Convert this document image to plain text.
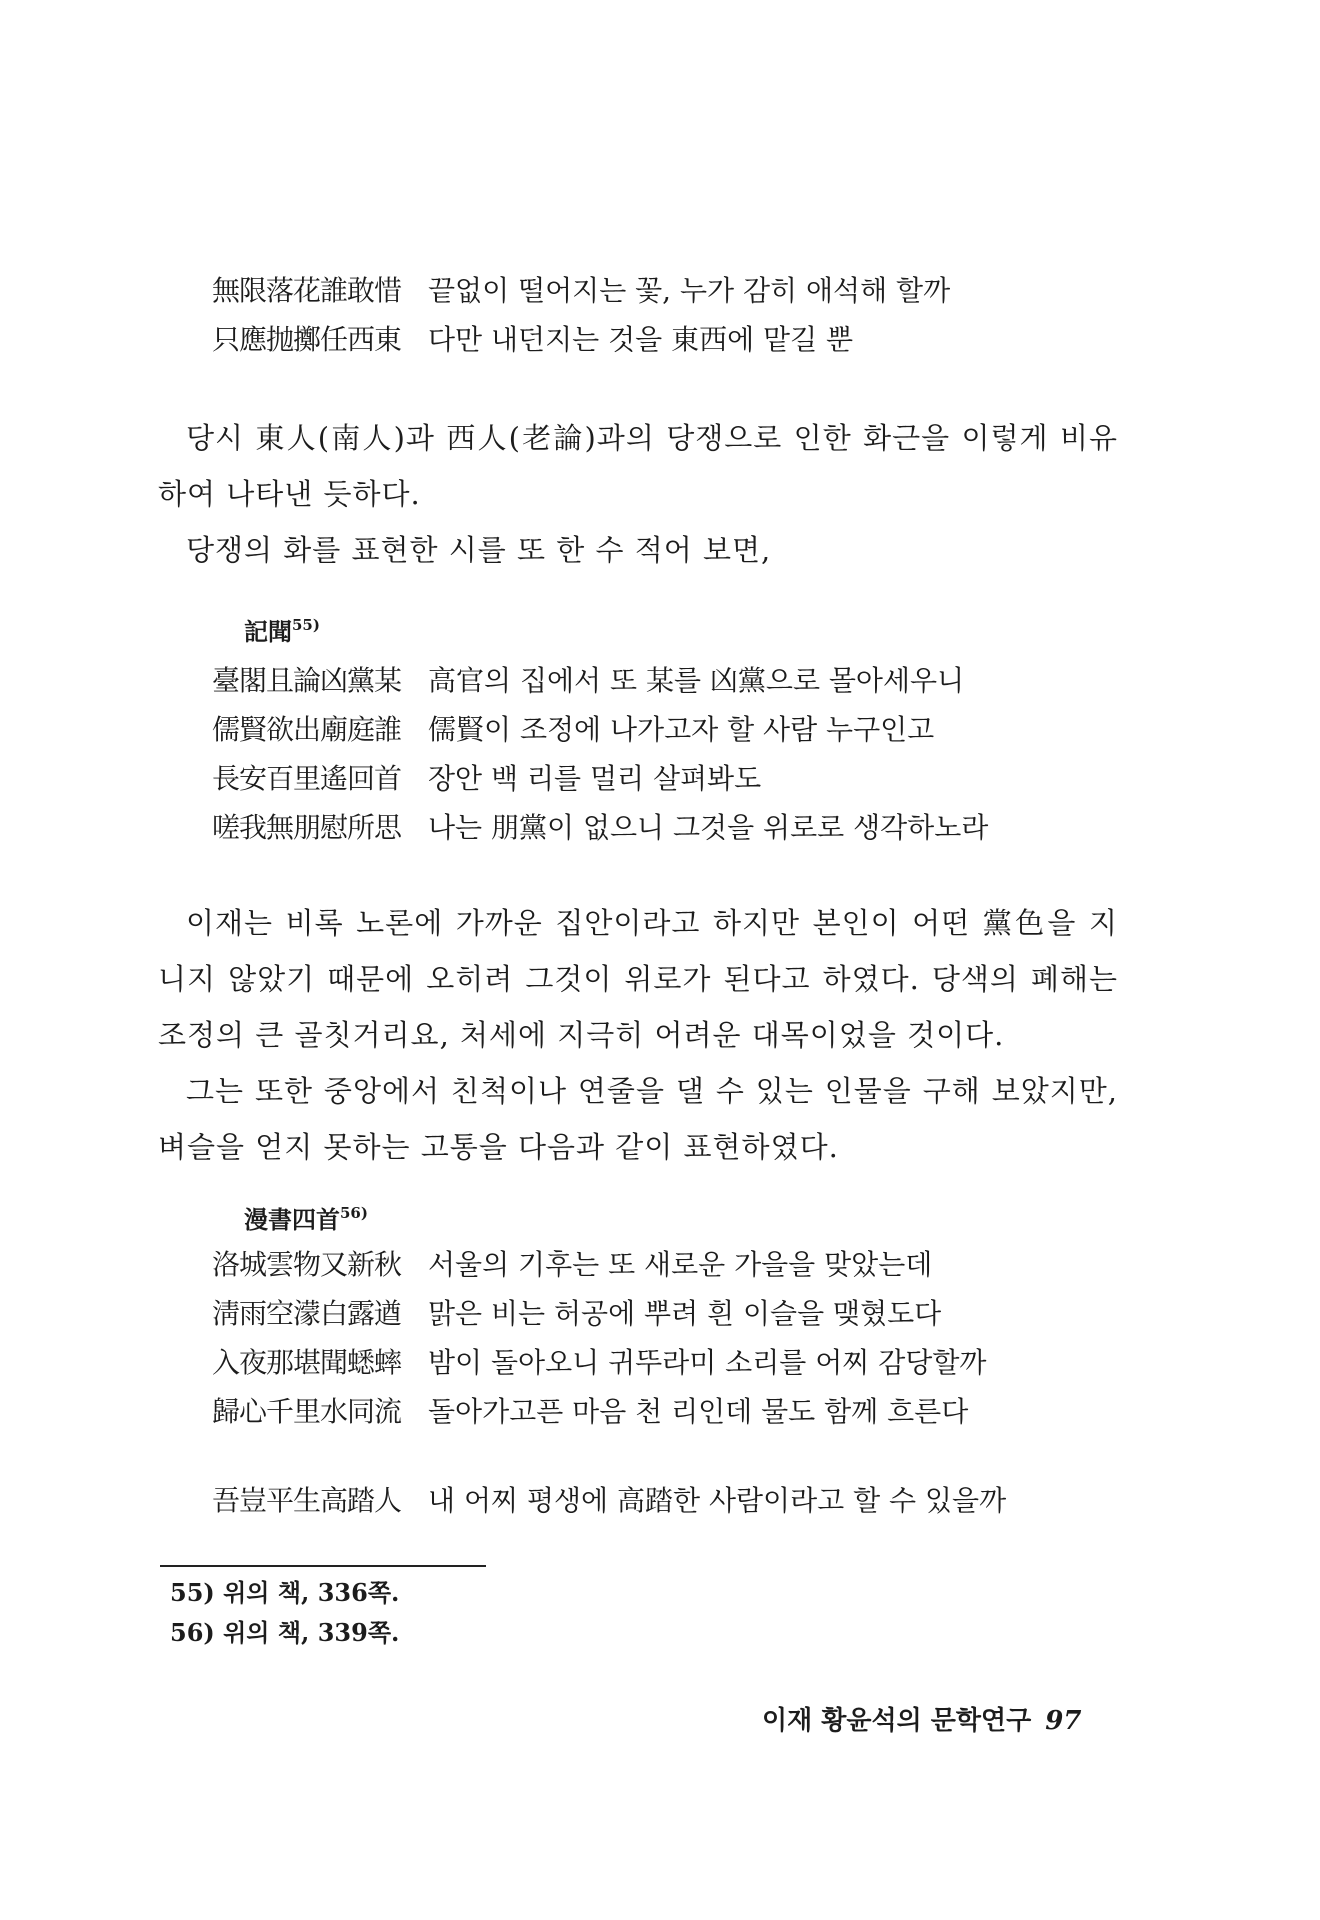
無限落花誰敢惜 끝없이 떨어지는 꽃, 누가 감히 애석해 할까
只應抛擲任西東 다만 내던지는 것을 東西에 맡길 뿐

당시 東人(南人)과 西人(老論)과의 당쟁으로 인한 화근을 이렇게 비유하여 나타낸 듯하다.

당쟁의 화를 표현한 시를 또 한 수 적어 보면,

記聞$^{55)}$
臺閣且論凶黨某 高官의 집에서 또 某를 凶黨으로 몰아세우니
儒賢欲出廟庭誰 儒賢이 조정에 나가고자 할 사람 누구인고
長安百里遙回首 장안 백 리를 멀리 살펴봐도
嗟我無朋慰所思 나는 朋黨이 없으니 그것을 위로로 생각하노라

이재는 비록 노론에 가까운 집안이라고 하지만 본인이 어떤 黨色을 지니지 않았기 때문에 오히려 그것이 위로가 된다고 하였다. 당색의 폐해는 조정의 큰 골칫거리요, 처세에 지극히 어려운 대목이었을 것이다.

그는 또한 중앙에서 친척이나 연줄을 댈 수 있는 인물을 구해 보았지만, 벼슬을 얻지 못하는 고통을 다음과 같이 표현하였다.

漫書四首$^{56)}$
洛城雲物又新秋 서울의 기후는 또 새로운 가을을 맞았는데
淸雨空濛白露遒 맑은 비는 허공에 뿌려 흰 이슬을 맺혔도다
入夜那堪聞蟋蟀 밤이 돌아오니 귀뚜라미 소리를 어찌 감당할까
歸心千里水同流 돌아가고픈 마음 천 리인데 물도 함께 흐른다
吾豈平生高踏人 내 어찌 평생에 高踏한 사람이라고 할 수 있을까
55) 위의 책, 336쪽.
56) 위의 책, 339쪽.
이재 황윤석의 문학연구 97
